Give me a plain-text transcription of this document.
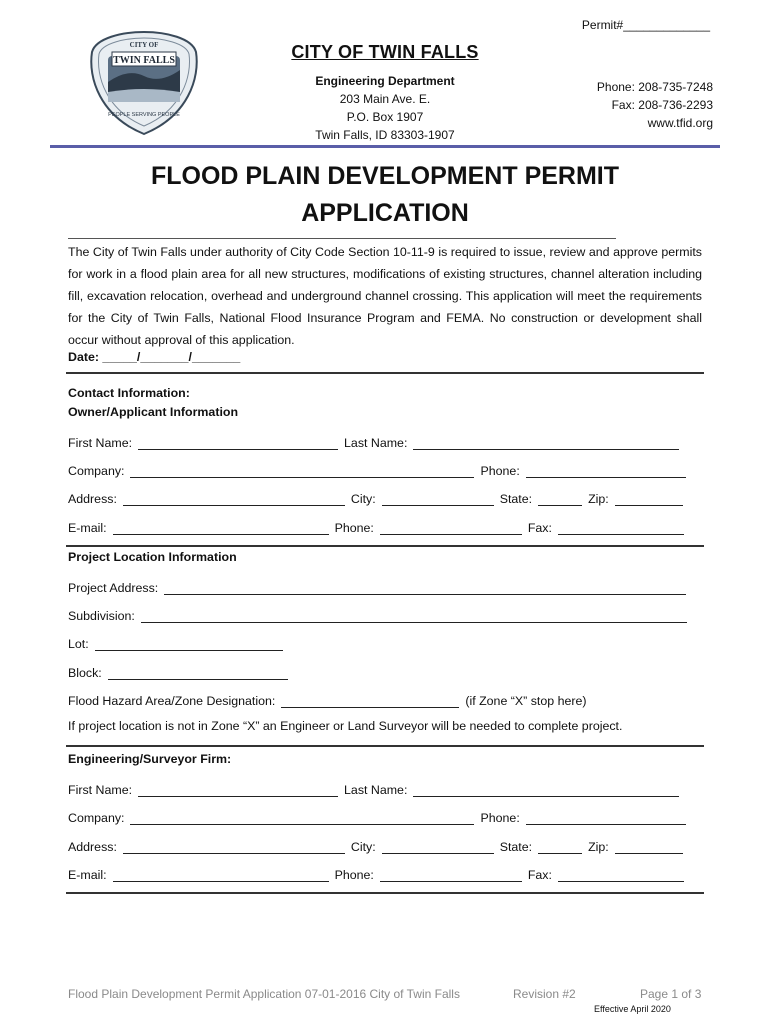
Permit#_____________
CITY OF
TWIN FALLS
PEOPLE SERVING PEOPLE
CITY OF TWIN FALLS
Engineering Department
203 Main Ave. E.
P.O. Box 1907
Twin Falls, ID 83303-1907
Phone: 208-735-7248
Fax: 208-736-2293
www.tfid.org
FLOOD PLAIN DEVELOPMENT PERMIT
APPLICATION
The City of Twin Falls under authority of City Code Section 10-11-9 is required to issue, review and approve permits for work in a flood plain area for all new structures, modifications of existing structures, channel alteration including fill, excavation relocation, overhead and underground channel crossing. This application will meet the requirements for the City of Twin Falls, National Flood Insurance Program and FEMA. No construction or development shall occur without approval of this application.
Date: _____/_______/_______
Contact Information:
Owner/Applicant Information
First Name:	Last Name:
Company:	Phone:
Address:	City:	State:	Zip:
E-mail:	Phone:	Fax:
Project Location Information
Project Address:
Subdivision:
Lot:
Block:
Flood Hazard Area/Zone Designation:	(if Zone “X” stop here)
If project location is not in Zone “X” an Engineer or Land Surveyor will be needed to complete project.
Engineering/Surveyor Firm:
First Name:	Last Name:
Company:	Phone:
Address:	City:	State:	Zip:
E-mail:	Phone:	Fax:
Flood Plain Development Permit Application 07-01-2016 City of Twin Falls	Revision #2	Page 1 of 3
Effective April 2020
